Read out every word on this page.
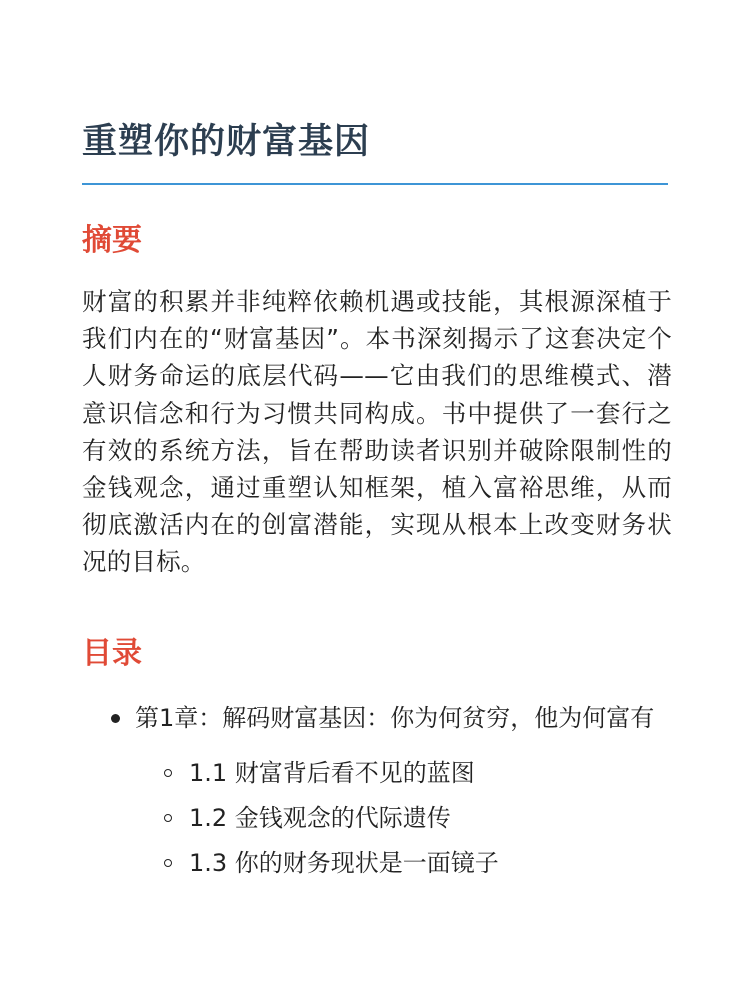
重塑你的财富基因
摘要

财富的积累并非纯粹依赖机遇或技能，其根源深植于我们内在的“财富基因”。本书深刻揭示了这套决定个人财务命运的底层代码——它由我们的思维模式、潜意识信念和行为习惯共同构成。书中提供了一套行之有效的系统方法，旨在帮助读者识别并破除限制性的金钱观念，通过重塑认知框架，植入富裕思维，从而彻底激活内在的创富潜能，实现从根本上改变财务状况的目标。

目录
第1章：解码财富基因：你为何贫穷，他为何富有
1.1 财富背后看不见的蓝图
1.2 金钱观念的代际遗传
1.3 你的财务现状是一面镜子
